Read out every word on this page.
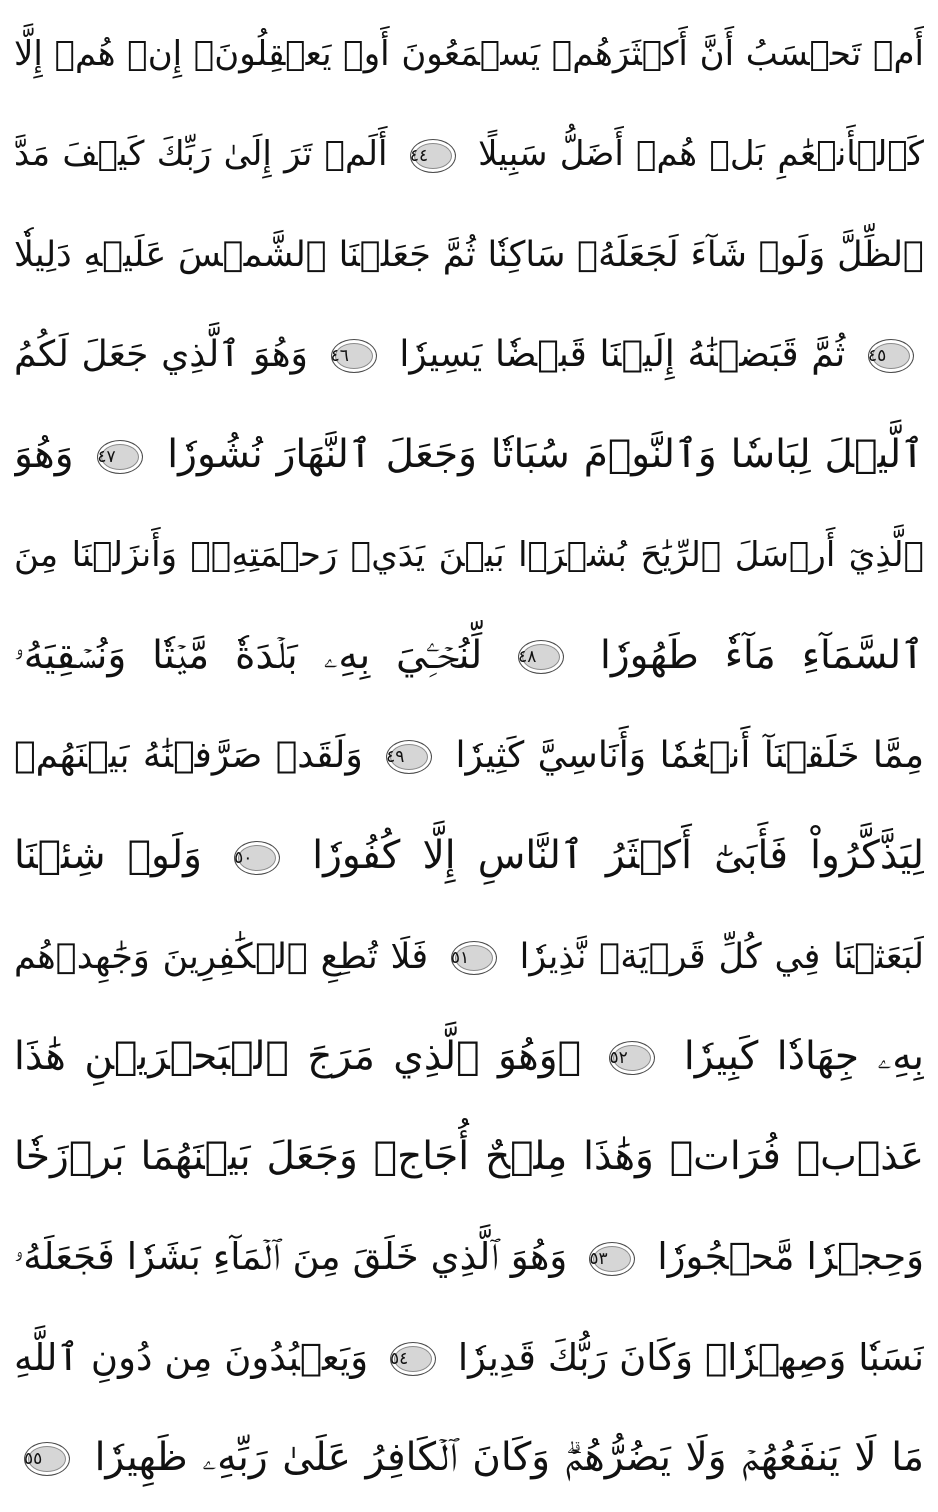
أَمۡ تَحۡسَبُ أَنَّ أَكۡثَرَهُمۡ يَسۡمَعُونَ أَوۡ يَعۡقِلُونَۚ إِنۡ هُمۡ إِلَّا
كَٱلۡأَنۡعَٰمِ بَلۡ هُمۡ أَضَلُّ سَبِيلًا
٤٤
أَلَمۡ تَرَ إِلَىٰ رَبِّكَ كَيۡفَ مَدَّ
ٱلظِّلَّ وَلَوۡ شَآءَ لَجَعَلَهُۥ سَاكِنٗا ثُمَّ جَعَلۡنَا ٱلشَّمۡسَ عَلَيۡهِ دَلِيلٗا
٤٥
ثُمَّ قَبَضۡنَٰهُ إِلَيۡنَا قَبۡضٗا يَسِيرٗا
٤٦
وَهُوَ ٱلَّذِي جَعَلَ لَكُمُ
ٱلَّيۡلَ لِبَاسٗا وَٱلنَّوۡمَ سُبَاتٗا وَجَعَلَ ٱلنَّهَارَ نُشُورٗا
٤٧
وَهُوَ
ٱلَّذِيٓ أَرۡسَلَ ٱلرِّيَٰحَ بُشۡرَۢا بَيۡنَ يَدَيۡ رَحۡمَتِهِۦۚ وَأَنزَلۡنَا مِنَ
ٱلسَّمَآءِ مَآءٗ طَهُورٗا
٤٨
لِّنُحۡـِۧيَ بِهِۦ بَلۡدَةٗ مَّيۡتٗا وَنُسۡقِيَهُۥ
مِمَّا خَلَقۡنَآ أَنۡعَٰمٗا وَأَنَاسِيَّ كَثِيرٗا
٤٩
وَلَقَدۡ صَرَّفۡنَٰهُ بَيۡنَهُمۡ
لِيَذَّكَّرُواْ فَأَبَىٰٓ أَكۡثَرُ ٱلنَّاسِ إِلَّا كُفُورٗا
٥٠
وَلَوۡ شِئۡنَا
لَبَعَثۡنَا فِي كُلِّ قَرۡيَةٖ نَّذِيرٗا
٥١
فَلَا تُطِعِ ٱلۡكَٰفِرِينَ وَجَٰهِدۡهُم
بِهِۦ جِهَادٗا كَبِيرٗا
٥٢
۞وَهُوَ ٱلَّذِي مَرَجَ ٱلۡبَحۡرَيۡنِ هَٰذَا
عَذۡبٞ فُرَاتٞ وَهَٰذَا مِلۡحٌ أُجَاجٞ وَجَعَلَ بَيۡنَهُمَا بَرۡزَخٗا
وَحِجۡرٗا مَّحۡجُورٗا
٥٣
وَهُوَ ٱلَّذِي خَلَقَ مِنَ ٱلۡمَآءِ بَشَرٗا فَجَعَلَهُۥ
نَسَبٗا وَصِهۡرٗاۗ وَكَانَ رَبُّكَ قَدِيرٗا
٥٤
وَيَعۡبُدُونَ مِن دُونِ ٱللَّهِ
مَا لَا يَنفَعُهُمۡ وَلَا يَضُرُّهُمۡۗ وَكَانَ ٱلۡكَافِرُ عَلَىٰ رَبِّهِۦ ظَهِيرٗا
٥٥
